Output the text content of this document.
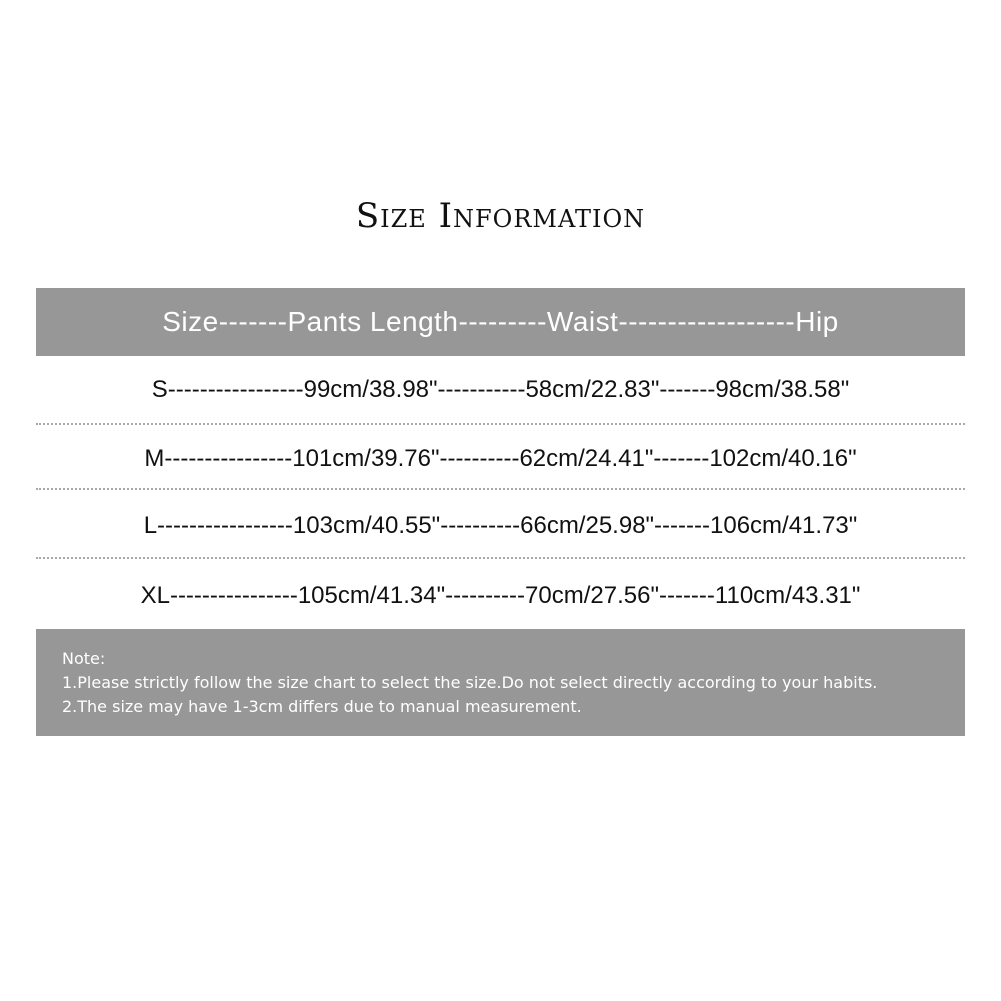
Size Information
Size-------Pants Length---------Waist------------------Hip
S-----------------99cm/38.98"-----------58cm/22.83"-------98cm/38.58"
M----------------101cm/39.76"----------62cm/24.41"-------102cm/40.16"
L-----------------103cm/40.55"----------66cm/25.98"-------106cm/41.73"
XL----------------105cm/41.34"----------70cm/27.56"-------110cm/43.31"
Note:
1.Please strictly follow the size chart to select the size.Do not select directly according to your habits.
2.The size may have 1-3cm differs due to manual measurement.
